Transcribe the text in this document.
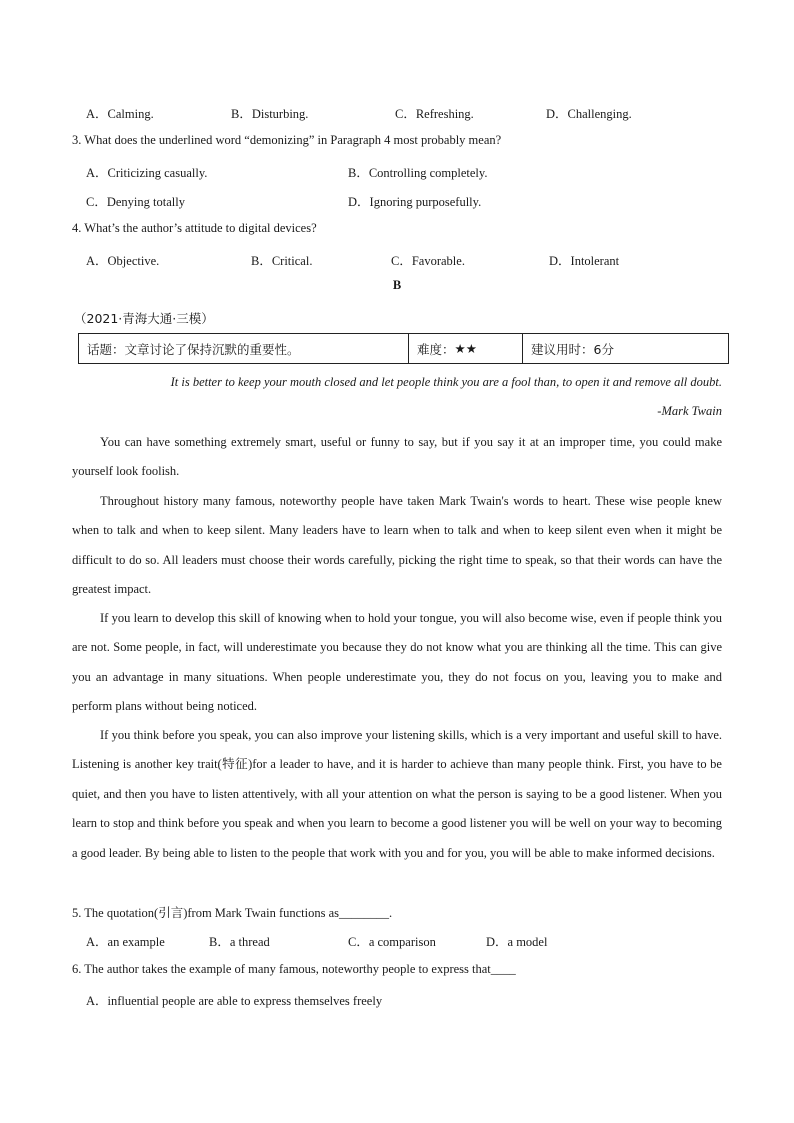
A．Calming.	B．Disturbing.	C．Refreshing.	D．Challenging.
3. What does the underlined word “demonizing” in Paragraph 4 most probably mean?
A．Criticizing casually.	B．Controlling completely.
C．Denying totally	D．Ignoring purposefully.
4. What’s the author’s attitude to digital devices?
A．Objective.	B．Critical.	C．Favorable.	D．Intolerant
B
（2021·青海大通·三模）
话题：文章讨论了保持沉默的重要性。	难度： ★★	建议用时：6分
It is better to keep your mouth closed and let people think you are a fool than, to open it and remove all doubt.
-Mark Twain

You can have something extremely smart, useful or funny to say, but if you say it at an improper time, you could make yourself look foolish.

Throughout history many famous, noteworthy people have taken Mark Twain's words to heart. These wise people knew when to talk and when to keep silent. Many leaders have to learn when to talk and when to keep silent even when it might be difficult to do so. All leaders must choose their words carefully, picking the right time to speak, so that their words can have the greatest impact.

If you learn to develop this skill of knowing when to hold your tongue, you will also become wise, even if people think you are not. Some people, in fact, will underestimate you because they do not know what you are thinking all the time. This can give you an advantage in many situations. When people underestimate you, they do not focus on you, leaving you to make and perform plans without being noticed.

If you think before you speak, you can also improve your listening skills, which is a very important and useful skill to have. Listening is another key trait(特征)for a leader to have, and it is harder to achieve than many people think. First, you have to be quiet, and then you have to listen attentively, with all your attention on what the person is saying to be a good listener. When you learn to stop and think before you speak and when you learn to become a good listener you will be well on your way to becoming a good leader. By being able to listen to the people that work with you and for you, you will be able to make informed decisions.

5. The quotation(引言)from Mark Twain functions as________.
A．an example	B．a thread	C．a comparison	D．a model
6. The author takes the example of many famous, noteworthy people to express that____
A．influential people are able to express themselves freely
